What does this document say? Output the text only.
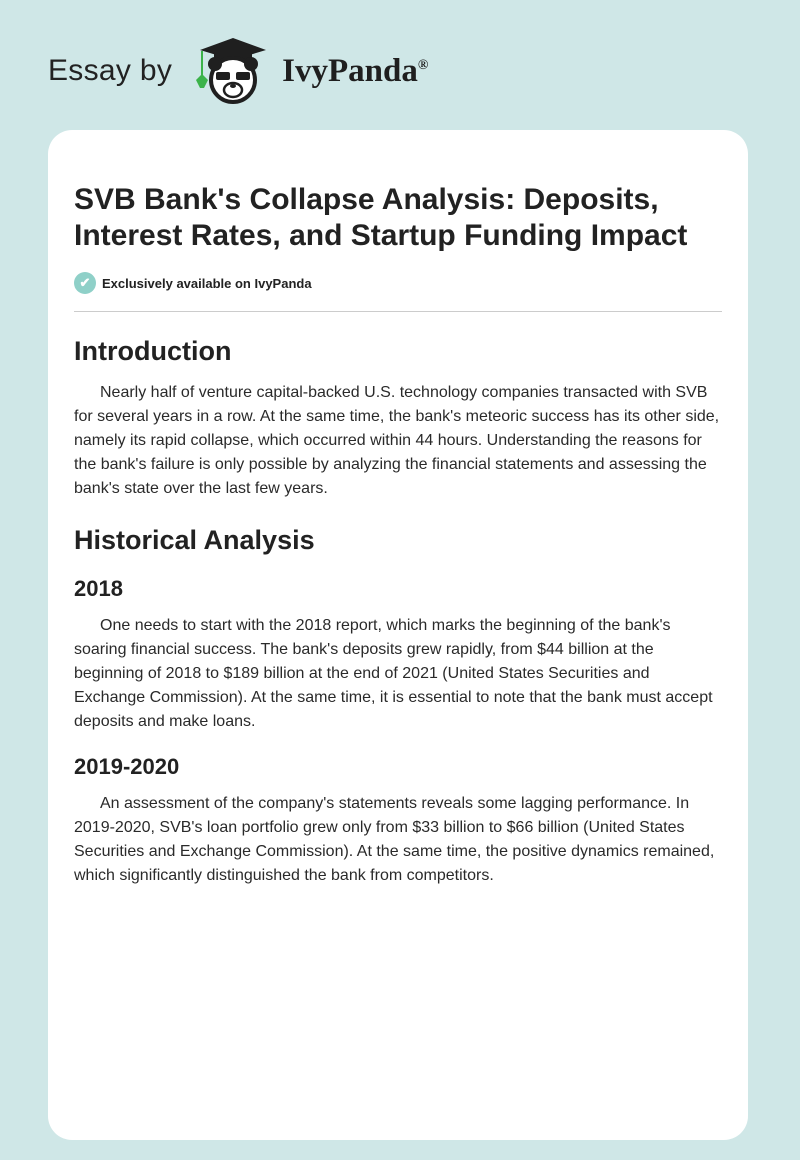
Essay by	IvyPanda®
SVB Bank's Collapse Analysis: Deposits, Interest Rates, and Startup Funding Impact
✔ Exclusively available on IvyPanda
Introduction

Nearly half of venture capital-backed U.S. technology companies transacted with SVB for several years in a row. At the same time, the bank's meteoric success has its other side, namely its rapid collapse, which occurred within 44 hours. Understanding the reasons for the bank's failure is only possible by analyzing the financial statements and assessing the bank's state over the last few years.

Historical Analysis
2018

One needs to start with the 2018 report, which marks the beginning of the bank's soaring financial success. The bank's deposits grew rapidly, from $44 billion at the beginning of 2018 to $189 billion at the end of 2021 (United States Securities and Exchange Commission). At the same time, it is essential to note that the bank must accept deposits and make loans.

2019-2020

An assessment of the company's statements reveals some lagging performance. In 2019-2020, SVB's loan portfolio grew only from $33 billion to $66 billion (United States Securities and Exchange Commission). At the same time, the positive dynamics remained, which significantly distinguished the bank from competitors.
